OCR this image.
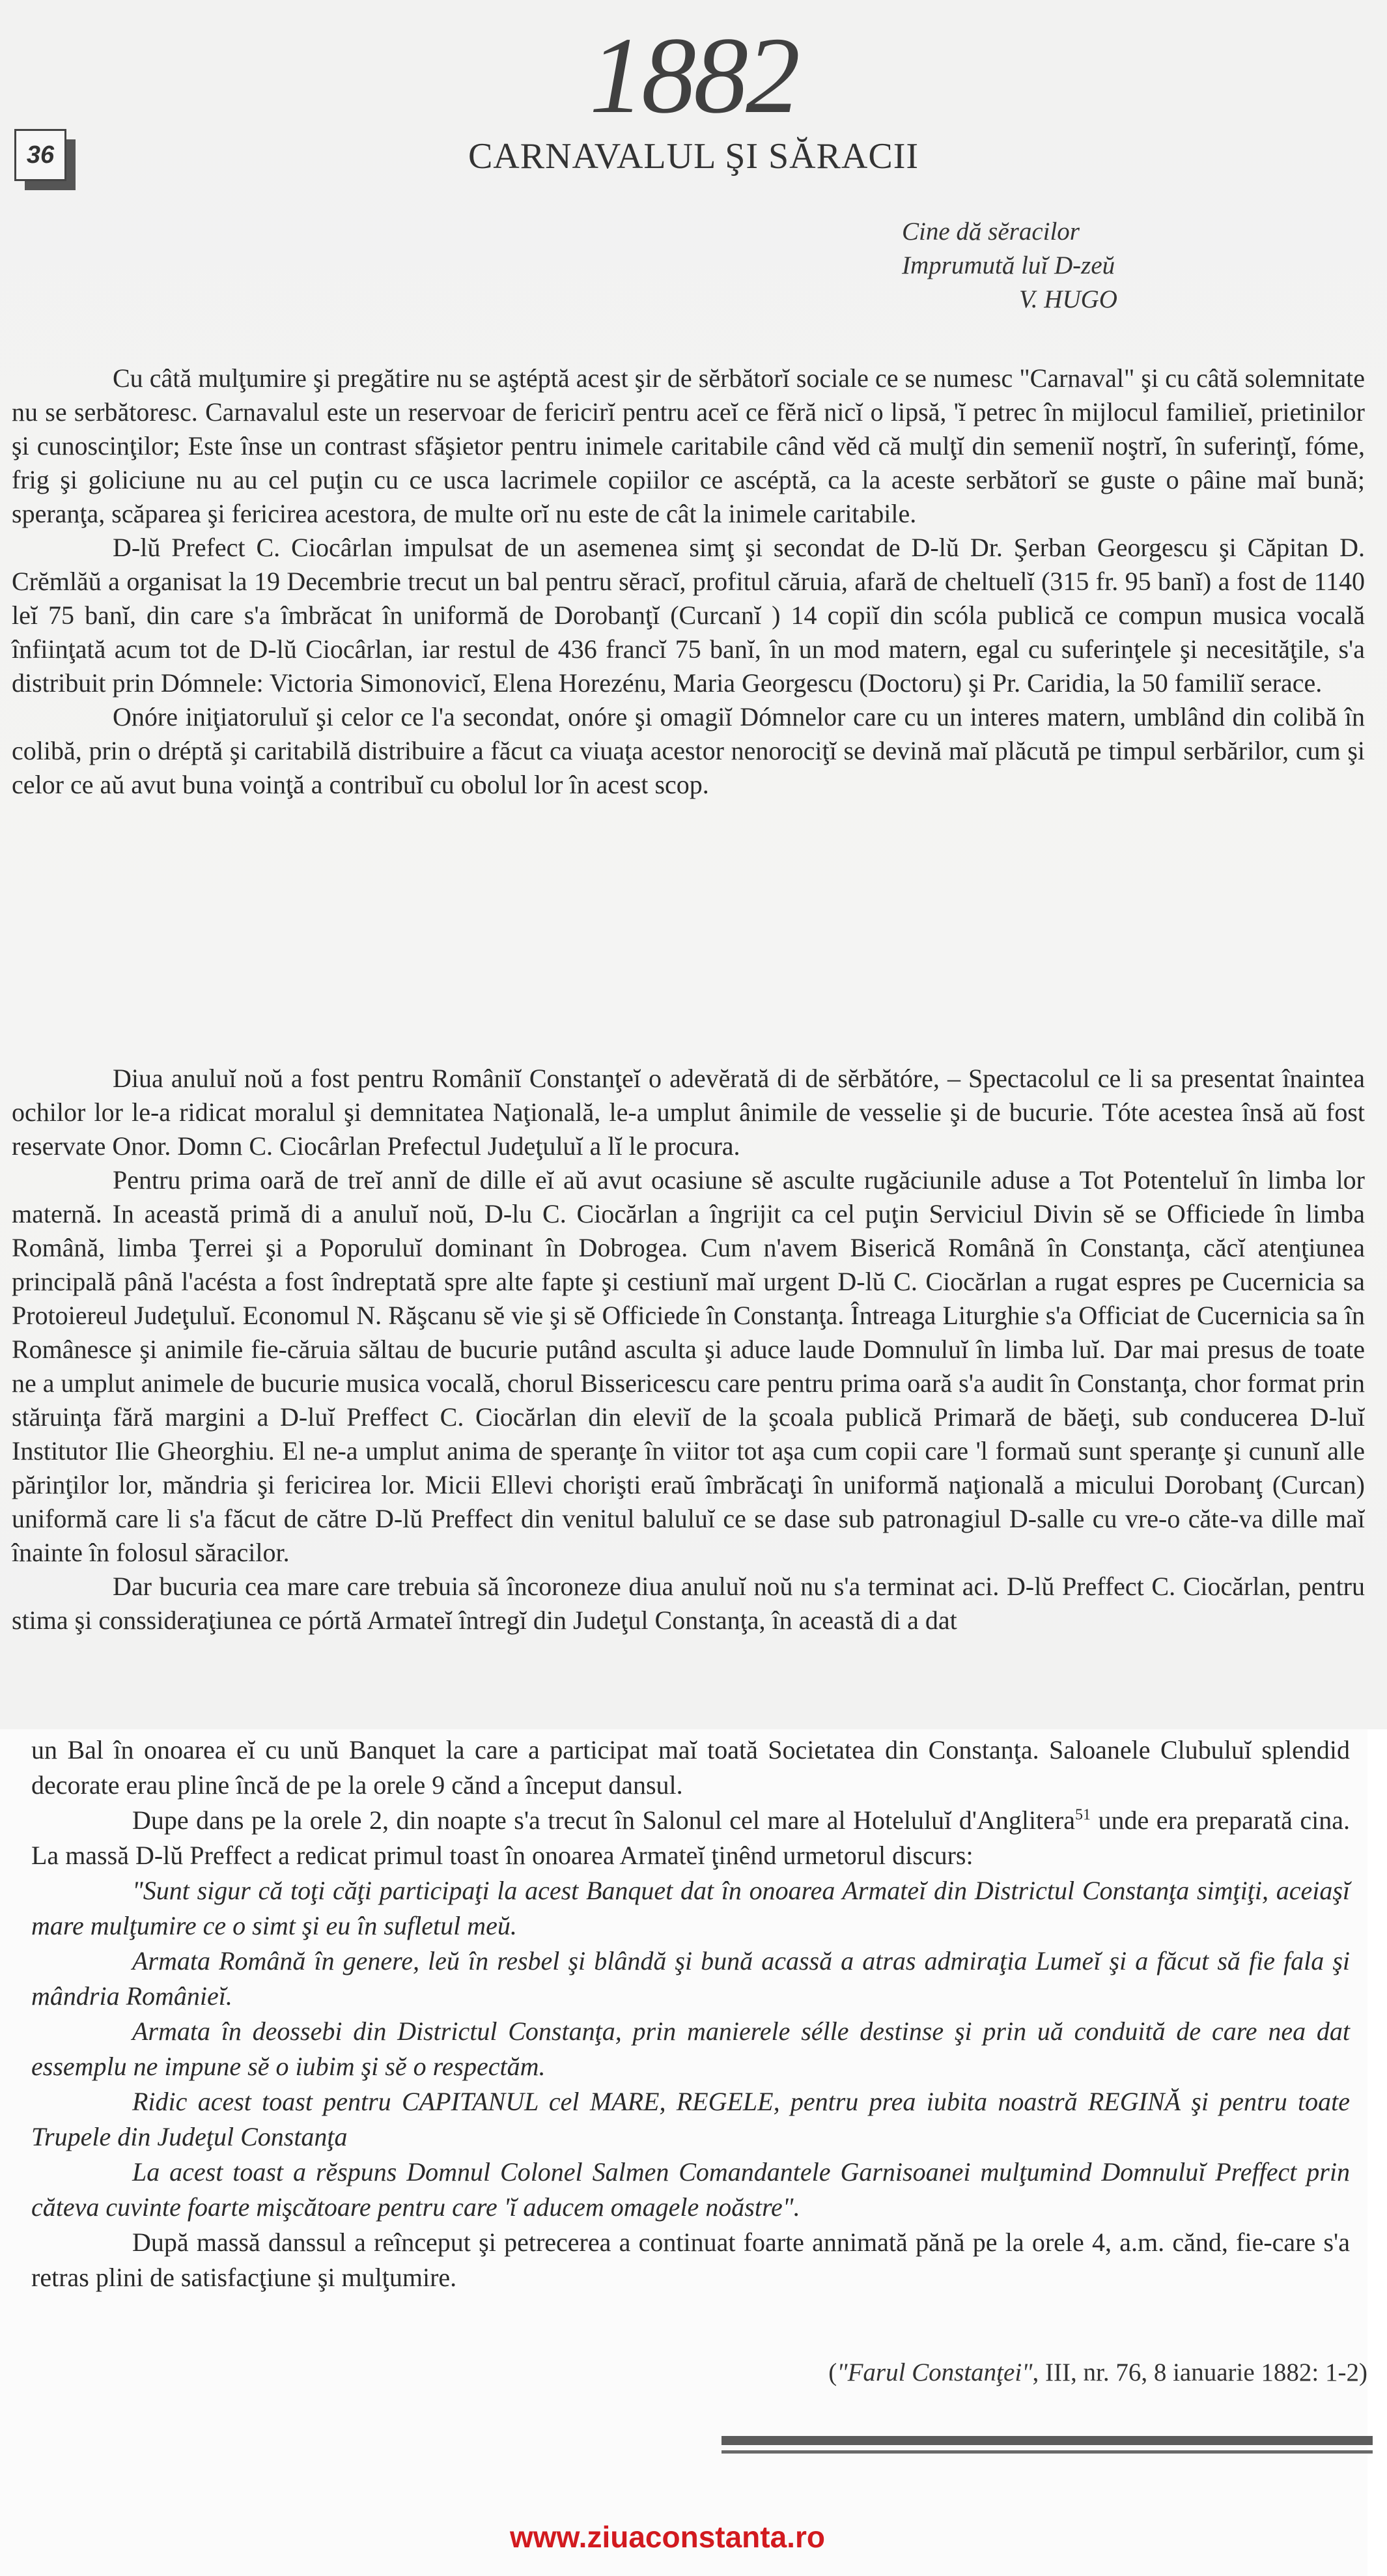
1882
36	CARNAVALUL ŞI SĂRACII
Cine dă sĕracilor
Imprumută luĭ D-zeŭ
V. HUGO

Cu câtă mulţumire şi pregătire nu se aştéptă acest şir de sĕrbătorĭ sociale ce se numesc "Carnaval" şi cu câtă solemnitate nu se serbătoresc. Carnavalul este un reservoar de fericirĭ pentru aceĭ ce fĕră nicĭ o lipsă, 'ĭ petrec în mijlocul familieĭ, prietinilor şi cunoscinţilor; Este înse un contrast sfăşietor pentru inimele caritabile când vĕd că mulţĭ din semeniĭ noştrĭ, în suferinţĭ, fóme, frig şi goliciune nu au cel puţin cu ce usca lacrimele copiilor ce ascéptă, ca la aceste serbătorĭ se guste o pâine maĭ bună; speranţa, scăparea şi fericirea acestora, de multe orĭ nu este de cât la inimele caritabile.

D-lŭ Prefect C. Ciocârlan impulsat de un asemenea simţ şi secondat de D-lŭ Dr. Şerban Georgescu şi Căpitan D. Crĕmlăŭ a organisat la 19 Decembrie trecut un bal pentru sĕracĭ, profitul căruia, afară de cheltuelĭ (315 fr. 95 banĭ) a fost de 1140 leĭ 75 banĭ, din care s'a îmbrăcat în uniformă de Dorobanţĭ (Curcanĭ ) 14 copiĭ din scóla publică ce compun musica vocală înfiinţată acum tot de D-lŭ Ciocârlan, iar restul de 436 francĭ 75 banĭ, în un mod matern, egal cu suferinţele şi necesităţile, s'a distribuit prin Dómnele: Victoria Simonovicĭ, Elena Horezénu, Maria Georgescu (Doctoru) şi Pr. Caridia, la 50 familiĭ serace.

Onóre iniţiatoruluĭ şi celor ce l'a secondat, onóre şi omagiĭ Dómnelor care cu un interes matern, umblând din colibă în colibă, prin o dréptă şi caritabilă distribuire a făcut ca viuaţa acestor nenorocіţĭ se devină maĭ plăcută pe timpul serbărilor, cum şi celor ce aŭ avut buna voinţă a contribuĭ cu obolul lor în acest scop.

Diua anuluĭ noŭ a fost pentru Româniĭ Constanţeĭ o adevĕrată di de sĕrbătóre, – Spectacolul ce li sa presentat înaintea ochilor lor le-a ridicat moralul şi demnitatea Naţională, le-a umplut ânimile de vesselie şi de bucurie. Tóte acestea însă aŭ fost reservate Onor. Domn C. Ciocârlan Prefectul Judeţuluĭ a lĭ le procura.

Pentru prima oară de treĭ annĭ de dille eĭ aŭ avut ocasiune sĕ asculte rugăciunile aduse a Tot Potenteluĭ în limba lor maternă. In această primă di a anuluĭ noŭ, D-lu C. Ciocărlan a îngrijit ca cel puţin Serviciul Divin sĕ se Officiede în limba Română, limba Ţerrei şi a Poporuluĭ dominant în Dobrogea. Cum n'avem Biserică Română în Constanţa, căcĭ atenţiunea principală până l'acésta a fost îndreptată spre alte fapte şi cestiunĭ maĭ urgent D-lŭ C. Ciocărlan a rugat espres pe Cucernicia sa Protoiereul Judeţuluĭ. Economul N. Răşcanu sĕ vie şi sĕ Officiede în Constanţa. Întreaga Liturghie s'a Officiat de Cucernicia sa în Românesce şi animile fie-căruia săltau de bucurie putând asculta şi aduce laude Domnuluĭ în limba luĭ. Dar mai presus de toate ne a umplut animele de bucurie musica vocală, chorul Bissericescu care pentru prima oară s'a audit în Constanţa, chor format prin stăruinţa fără margini a D-luĭ Preffect C. Ciocărlan din eleviĭ de la şcoala publică Primară de băeţi, sub conducerea D-luĭ Institutor Ilie Gheorghiu. El ne-a umplut anima de speranţe în viitor tot aşa cum copii care 'l formaŭ sunt speranţe şi cununĭ alle părinţilor lor, măndria şi fericirea lor. Micii Ellevi chorişti eraŭ îmbrăcaţi în uniformă naţională a micului Dorobanţ (Curcan) uniformă care li s'a făcut de către D-lŭ Preffect din venitul baluluĭ ce se dase sub patronagiul D-salle cu vre-o căte-va dille maĭ înainte în folosul săracilor.

Dar bucuria cea mare care trebuia să încoroneze diua anuluĭ noŭ nu s'a terminat aci. D-lŭ Preffect C. Ciocărlan, pentru stima şi conssideraţiunea ce pórtă Armateĭ întregĭ din Judeţul Constanţa, în această di a dat

un Bal în onoarea eĭ cu unŭ Banquet la care a participat maĭ toată Societatea din Constanţa. Saloanele Clubuluĭ splendid decorate erau pline încă de pe la orele 9 cănd a început dansul.

Dupe dans pe la orele 2, din noapte s'a trecut în Salonul cel mare al Hoteluluĭ d'Anglitera$^{51}$ unde era preparată cina. La massă D-lŭ Preffect a redicat primul toast în onoarea Armateĭ ţinênd urmetorul discurs:

"Sunt sigur că toţi căţi participaţi la acest Banquet dat în onoarea Armateĭ din Districtul Constanţa simţiţi, aceiaşĭ mare mulţumire ce o simt şi eu în sufletul meŭ.

Armata Română în genere, leŭ în resbel şi blândă şi bună acassă a atras admiraţia Lumeĭ şi a făcut să fie fala şi mândria Românieĭ.

Armata în deossebi din Districtul Constanţa, prin manierele sélle destinse şi prin uă conduită de care nea dat essemplu ne impune sĕ o iubim şi sĕ o respectăm.

Ridic acest toast pentru CAPITANUL cel MARE, REGELE, pentru prea iubita noastră REGINĂ şi pentru toate Trupele din Judeţul Constanţa

La acest toast a rĕspuns Domnul Colonel Salmen Comandantele Garnisoanei mulţumind Domnuluĭ Preffect prin căteva cuvinte foarte mişcătoare pentru care 'ĭ aducem omagele noăstre".

După massă danssul a reînceput şi petrecerea a continuat foarte annimată pănă pe la orele 4, a.m. cănd, fie-care s'a retras plini de satisfacţiune şi mulţumire.

("Farul Constanţei", III, nr. 76, 8 ianuarie 1882: 1-2)
www.ziuaconstanta.ro
